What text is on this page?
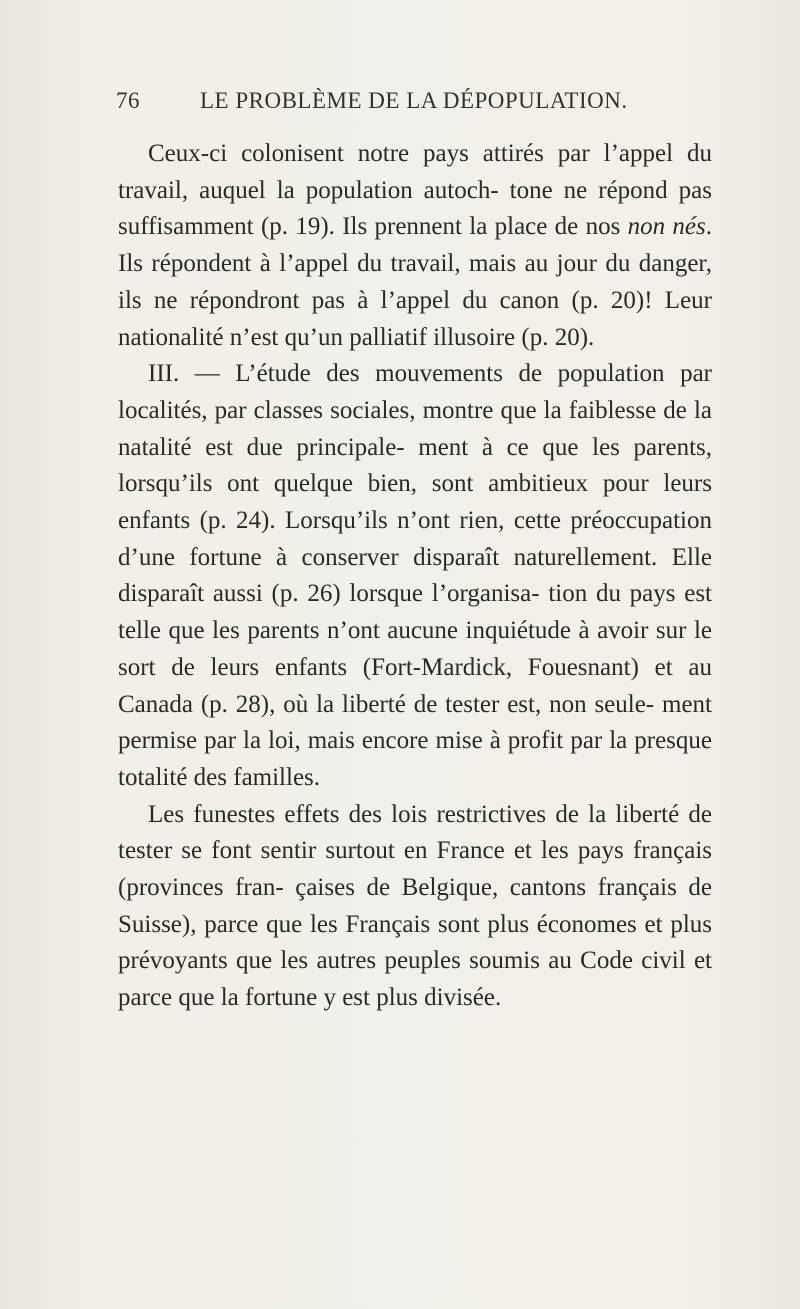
76	LE PROBLÈME DE LA DÉPOPULATION.

Ceux-ci colonisent notre pays attirés par l’appel du travail, auquel la population autoch- tone ne répond pas suffisamment (p. 19). Ils prennent la place de nos non nés. Ils répondent à l’appel du travail, mais au jour du danger, ils ne répondront pas à l’appel du canon (p. 20)! Leur nationalité n’est qu’un palliatif illusoire (p. 20).

III. — L’étude des mouvements de population par localités, par classes sociales, montre que la faiblesse de la natalité est due principale- ment à ce que les parents, lorsqu’ils ont quelque bien, sont ambitieux pour leurs enfants (p. 24). Lorsqu’ils n’ont rien, cette préoccupation d’une fortune à conserver disparaît naturellement. Elle disparaît aussi (p. 26) lorsque l’organisa- tion du pays est telle que les parents n’ont aucune inquiétude à avoir sur le sort de leurs enfants (Fort-Mardick, Fouesnant) et au Canada (p. 28), où la liberté de tester est, non seule- ment permise par la loi, mais encore mise à profit par la presque totalité des familles.

Les funestes effets des lois restrictives de la liberté de tester se font sentir surtout en France et les pays français (provinces fran- çaises de Belgique, cantons français de Suisse), parce que les Français sont plus économes et plus prévoyants que les autres peuples soumis au Code civil et parce que la fortune y est plus divisée.
